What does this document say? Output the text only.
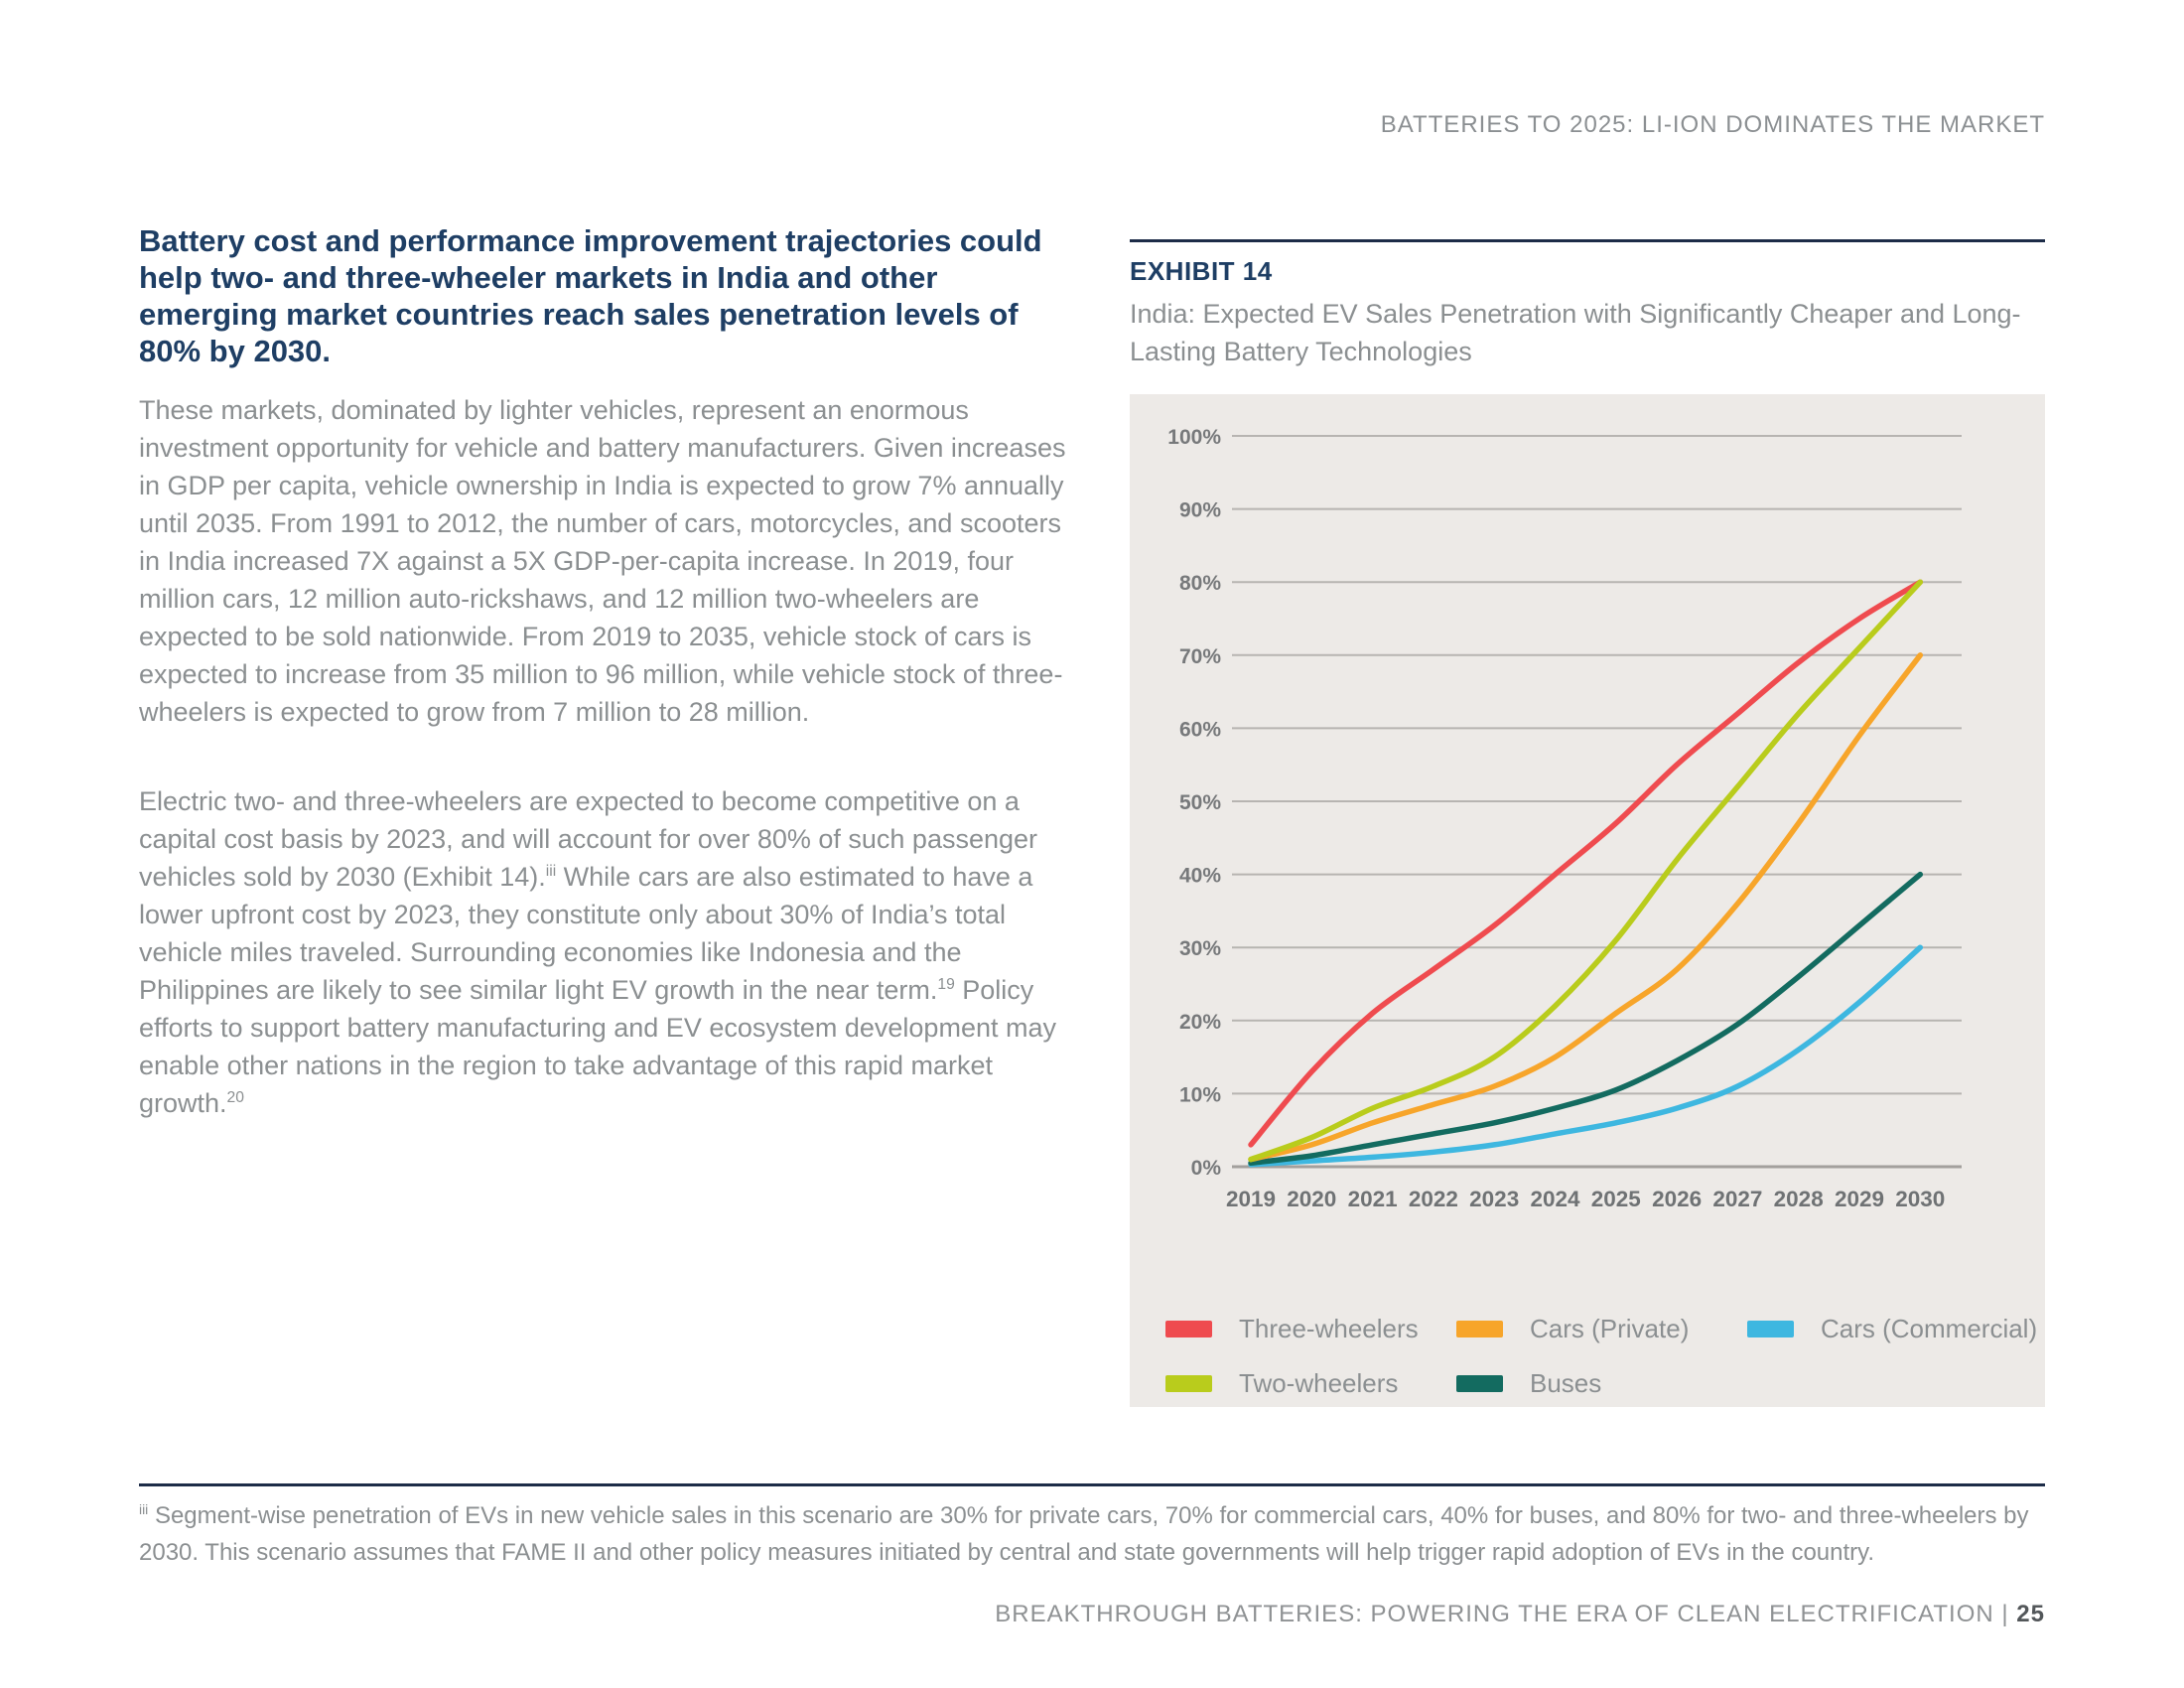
BATTERIES TO 2025: LI-ION DOMINATES THE MARKET
Battery cost and performance improvement trajectories could help two- and three-wheeler markets in India and other emerging market countries reach sales penetration levels of 80% by 2030.

These markets, dominated by lighter vehicles, represent an enormous investment opportunity for vehicle and battery manufacturers. Given increases in GDP per capita, vehicle ownership in India is expected to grow 7% annually until 2035. From 1991 to 2012, the number of cars, motorcycles, and scooters in India increased 7X against a 5X GDP-per-capita increase. In 2019, four million cars, 12 million auto-rickshaws, and 12 million two-wheelers are expected to be sold nationwide. From 2019 to 2035, vehicle stock of cars is expected to increase from 35 million to 96 million, while vehicle stock of three-wheelers is expected to grow from 7 million to 28 million.

Electric two- and three-wheelers are expected to become competitive on a capital cost basis by 2023, and will account for over 80% of such passenger vehicles sold by 2030 (Exhibit 14).$^{iii}$ While cars are also estimated to have a lower upfront cost by 2023, they constitute only about 30% of India’s total vehicle miles traveled. Surrounding economies like Indonesia and the Philippines are likely to see similar light EV growth in the near term.$^{19}$ Policy efforts to support battery manufacturing and EV ecosystem development may enable other nations in the region to take advantage of this rapid market growth.$^{20}$

EXHIBIT 14
India: Expected EV Sales Penetration with Significantly Cheaper and Long-Lasting Battery Technologies
0%
10%
20%
30%
40%
50%
60%
70%
80%
90%
100%
2019 2020 2021 2022 2023 2024 2025 2026 2027 2028 2029 2030
Three-wheelers	Cars (Private)	Cars (Commercial)
Two-wheelers	Buses

$^{iii}$ Segment-wise penetration of EVs in new vehicle sales in this scenario are 30% for private cars, 70% for commercial cars, 40% for buses, and 80% for two- and three-wheelers by 2030. This scenario assumes that FAME II and other policy measures initiated by central and state governments will help trigger rapid adoption of EVs in the country.

BREAKTHROUGH BATTERIES: POWERING THE ERA OF CLEAN ELECTRIFICATION | 25
